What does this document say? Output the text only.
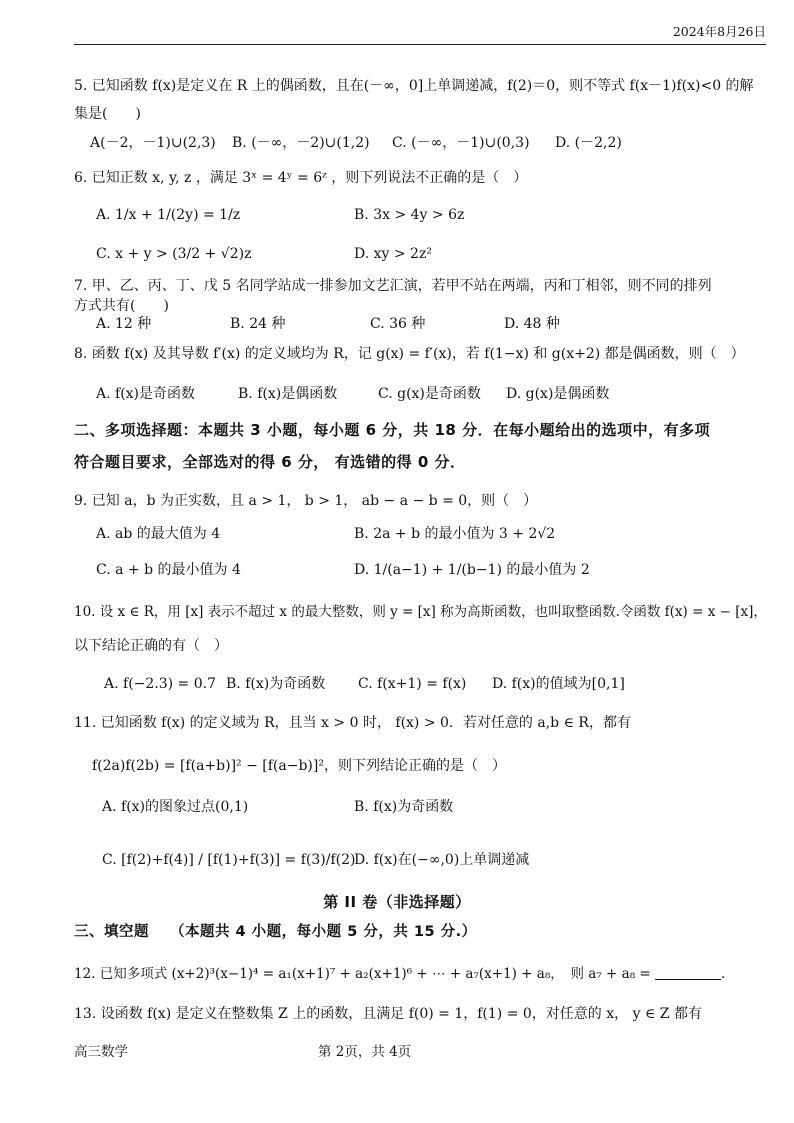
2024年8月26日
5. 已知函数 f(x)是定义在 R 上的偶函数，且在(－∞，0]上单调递减，f(2)＝0，则不等式 f(x－1)f(x)<0 的解
集是(　　)
A(－2，－1)∪(2,3) B. (－∞，－2)∪(1,2) C. (－∞，－1)∪(0,3) D. (－2,2)
6. 已知正数 x, y, z ，满足 3ˣ = 4ʸ = 6ᶻ ，则下列说法不正确的是（　）
A. 1/x + 1/(2y) = 1/z	B. 3x > 4y > 6z
C. x + y > (3/2 + √2)z	D. xy > 2z²
7. 甲、乙、丙、丁、戊 5 名同学站成一排参加文艺汇演，若甲不站在两端，丙和丁相邻，则不同的排列
方式共有(　　)
A. 12 种	B. 24 种	C. 36 种	D. 48 种
8. 函数 f(x) 及其导数 f′(x) 的定义域均为 R，记 g(x) = f′(x)，若 f(1−x) 和 g(x+2) 都是偶函数，则（　）
A. f(x)是奇函数	B. f(x)是偶函数	C. g(x)是奇函数 D. g(x)是偶函数
二、多项选择题：本题共 3 小题，每小题 6 分，共 18 分．在每小题给出的选项中，有多项
符合题目要求，全部选对的得 6 分， 有选错的得 0 分．
9. 已知 a，b 为正实数，且 a > 1， b > 1， ab − a − b = 0，则（　）
A. ab 的最大值为 4	B. 2a + b 的最小值为 3 + 2√2
C. a + b 的最小值为 4	D. 1/(a−1) + 1/(b−1) 的最小值为 2
10. 设 x ∈ R，用 [x] 表示不超过 x 的最大整数，则 y = [x] 称为高斯函数，也叫取整函数.令函数 f(x) = x − [x]，
以下结论正确的有（　）
A. f(−2.3) = 0.7 B. f(x)为奇函数 C. f(x+1) = f(x) D. f(x)的值域为[0,1]
11. 已知函数 f(x) 的定义域为 R，且当 x > 0 时， f(x) > 0．若对任意的 a,b ∈ R，都有
f(2a)f(2b) = [f(a+b)]² − [f(a−b)]²，则下列结论正确的是（　）
A. f(x)的图象过点(0,1)	B. f(x)为奇函数
C. [f(2)+f(4)] / [f(1)+f(3)] = f(3)/f(2)
D. f(x)在(−∞,0)上单调递减
第 II 卷（非选择题）
三、填空题 （本题共 4 小题，每小题 5 分，共 15 分.）
12. 已知多项式 (x+2)³(x−1)⁴ = a₁(x+1)⁷ + a₂(x+1)⁶ + ⋯ + a₇(x+1) + a₈，　则 a₇ + a₈ =	.
13. 设函数 f(x) 是定义在整数集 Z 上的函数，且满足 f(0) = 1，f(1) = 0，对任意的 x， y ∈ Z 都有
高三数学	第 2页，共 4页
